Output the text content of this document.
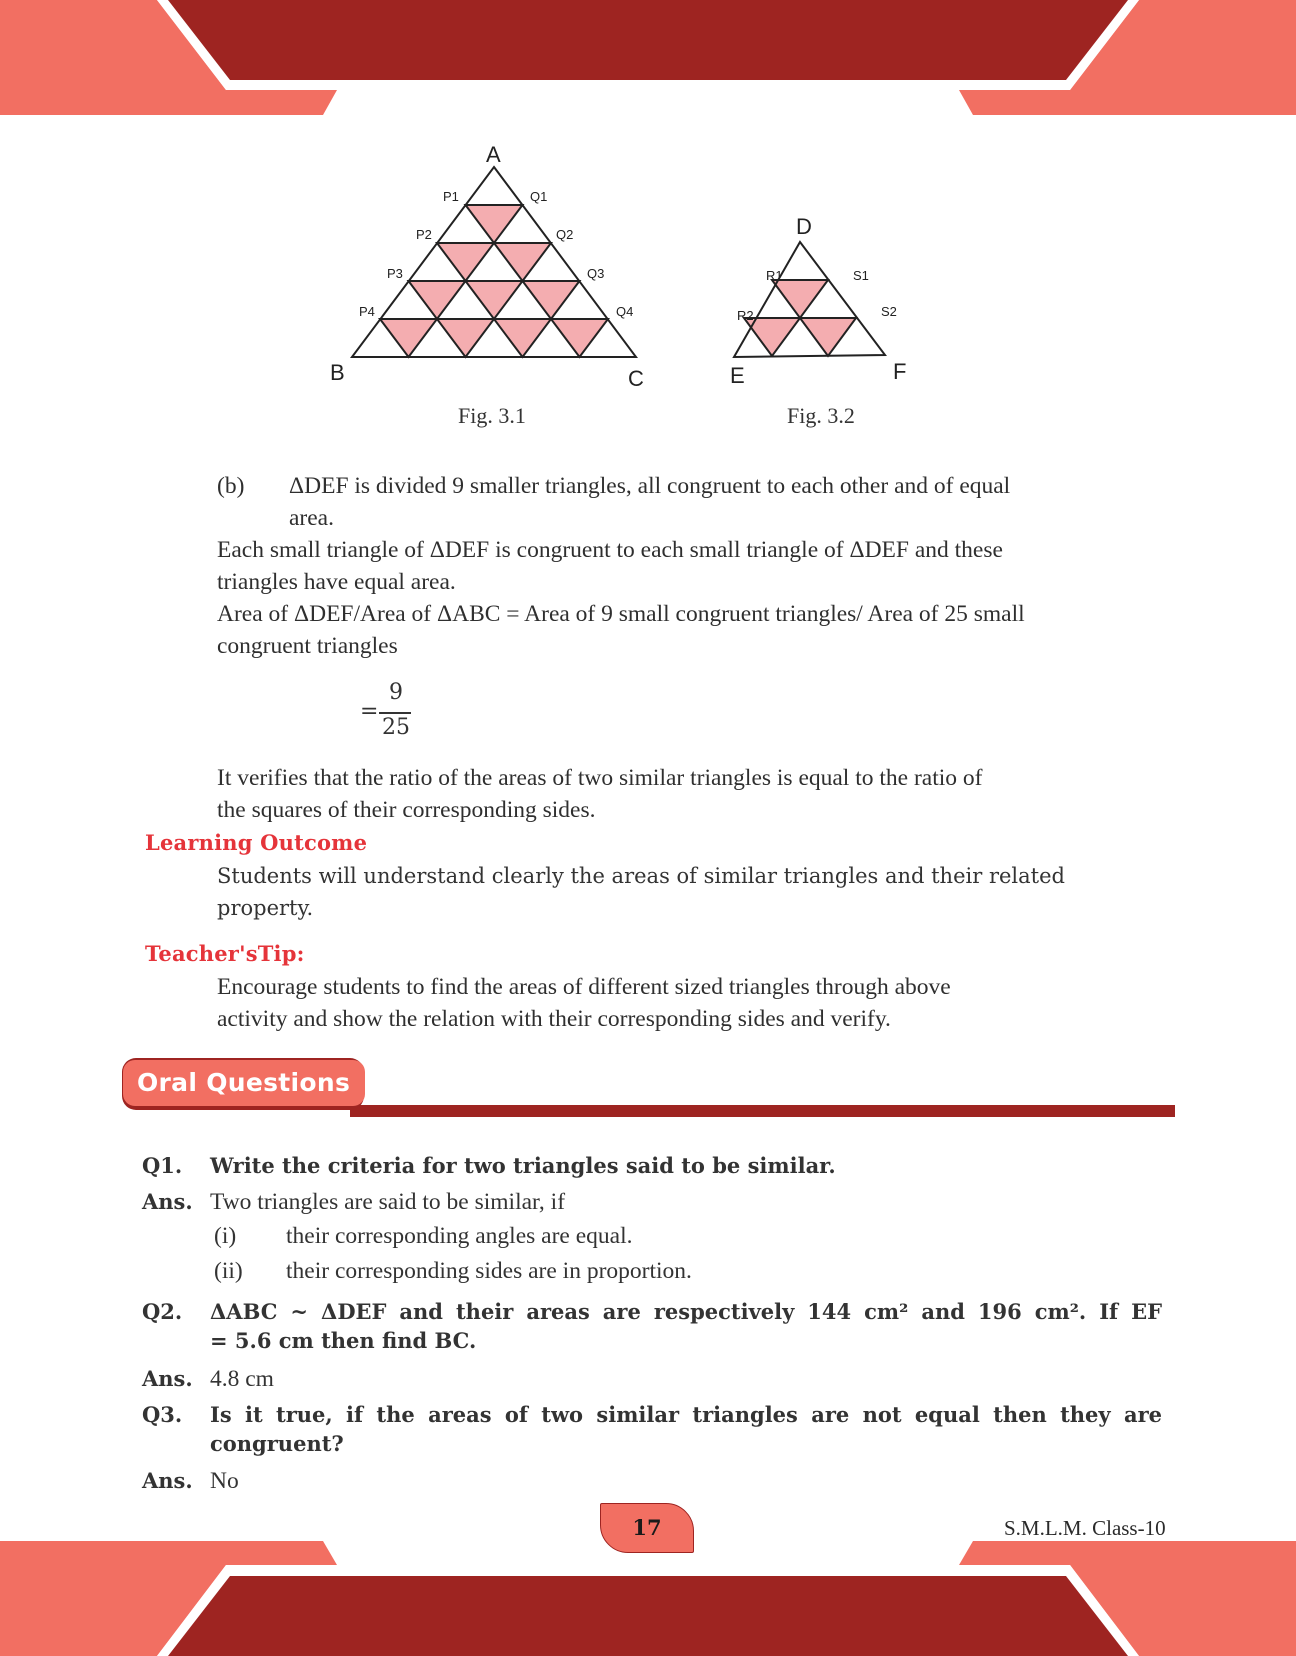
A
B	C
P1
P2
P3
P4
Q1
Q2
Q3
Q4
Fig. 3.1
D
E	F
R1
R2
S1
S2
Fig. 3.2
(b) ΔDEF is divided 9 smaller triangles, all congruent to each other and of equal
area.
Each small triangle of ΔDEF is congruent to each small triangle of ΔDEF and these
triangles have equal area.
Area of ΔDEF/Area of ΔABC = Area of 9 small congruent triangles/ Area of 25 small
congruent triangles
=
9
25
It verifies that the ratio of the areas of two similar triangles is equal to the ratio of
the squares of their corresponding sides.
Learning Outcome
Students will understand clearly the areas of similar triangles and their related
property.
Teacher'sTip:
Encourage students to find the areas of different sized triangles through above
activity and show the relation with their corresponding sides and verify.
Oral Questions
Q1. Write the criteria for two triangles said to be similar.
Ans. Two triangles are said to be similar, if
(i) their corresponding angles are equal.
(ii) their corresponding sides are in proportion.
Q2. ΔABC ~ ΔDEF and their areas are respectively 144 cm² and 196 cm². If EF
= 5.6 cm then find BC.
Ans. 4.8 cm
Q3. Is it true, if the areas of two similar triangles are not equal then they are
congruent?
Ans. No
17	S.M.L.M. Class-10
